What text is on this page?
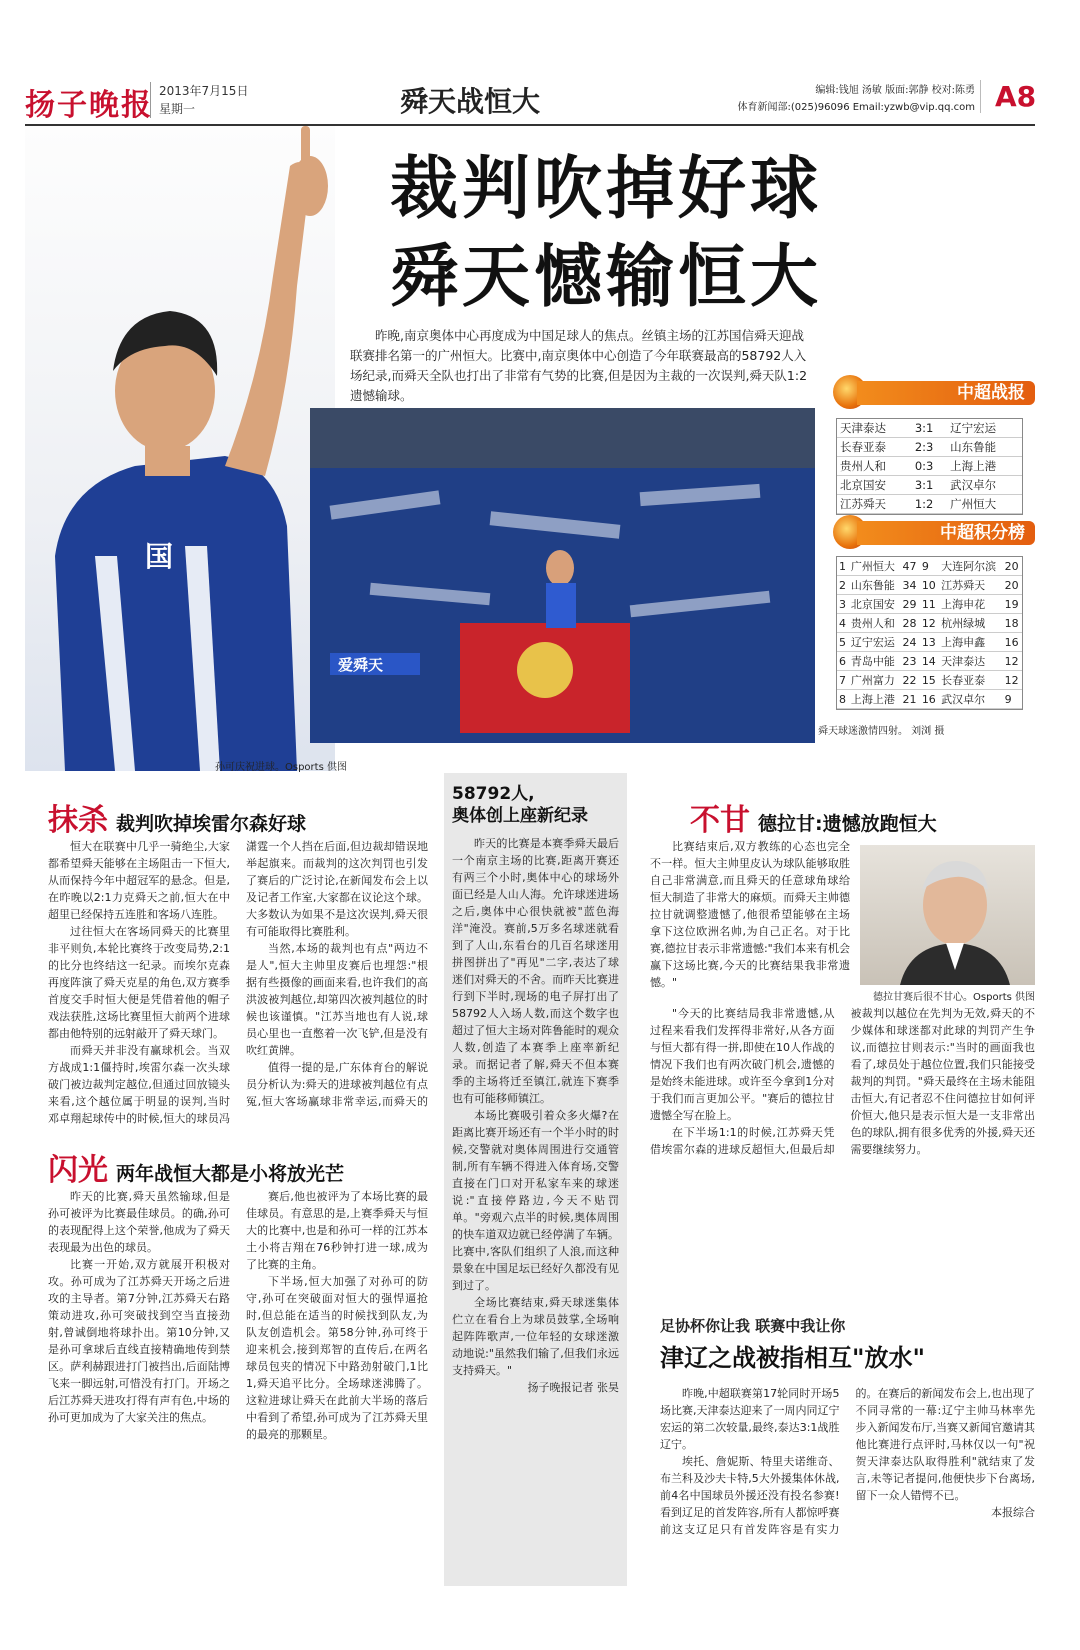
扬子晚报 2013年7月15日
星期一	舜天战恒大	编辑:钱旭 汤敏 版面:郭静 校对:陈勇
体育新闻部:(025)96096 Email:yzwb@vip.qq.com A8
国
孙可庆祝进球。Osports 供图
裁判吹掉好球
舜天憾输恒大
昨晚,南京奥体中心再度成为中国足球人的焦点。丝镇主场的江苏国信舜天迎战联赛排名第一的广州恒大。比赛中,南京奥体中心创造了今年联赛最高的58792人入场纪录,而舜天全队也打出了非常有气势的比赛,但是因为主裁的一次误判,舜天队1:2遗憾输球。
爱舜天
舜天球迷激情四射。 刘浏 摄
中超战报
天津泰达	3:1	辽宁宏运
长春亚泰	2:3	山东鲁能
贵州人和	0:3	上海上港
北京国安	3:1	武汉卓尔
江苏舜天	1:2	广州恒大
中超积分榜
1	广州恒大	47	9	大连阿尔滨	20
2	山东鲁能	34	10	江苏舜天	20
3	北京国安	29	11	上海申花	19
4	贵州人和	28	12	杭州绿城	18
5	辽宁宏运	24	13	上海申鑫	16
6	青岛中能	23	14	天津泰达	12
7	广州富力	22	15	长春亚泰	12
8	上海上港	21	16	武汉卓尔	9
抹杀 裁判吹掉埃雷尔森好球

恒大在联赛中几乎一骑绝尘,大家都希望舜天能够在主场阻击一下恒大,从而保持今年中超冠军的悬念。但是,在昨晚以2:1力克舜天之前,恒大在中超里已经保持五连胜和客场八连胜。

过往恒大在客场同舜天的比赛里非平则负,本轮比赛终于改变局势,2:1的比分也终结这一纪录。而埃尔克森再度阵演了舜天克星的角色,双方赛季首度交手时恒大便是凭借着他的帽子戏法获胜,这场比赛里恒大前两个进球都由他特别的远射敲开了舜天球门。

而舜天并非没有赢球机会。当双方战成1:1僵持时,埃雷尔森一次头球破门被边裁判定越位,但通过回放镜头来看,这个越位属于明显的误判,当时邓卓翔起球传中的时候,恒大的球员冯潇霆一个人挡在后面,但边裁却错误地举起旗来。而裁判的这次判罚也引发了赛后的广泛讨论,在新闻发布会上以及记者工作室,大家都在议论这个球。大多数认为如果不是这次误判,舜天很有可能取得比赛胜利。

当然,本场的裁判也有点"两边不是人",恒大主帅里皮赛后也埋怨:"根据有些摄像的画面来看,也许我们的高洪波被判越位,却第四次被判越位的时候也该谨慎。"江苏当地也有人说,球员心里也一直憋着一次飞铲,但是没有吹红黄牌。

值得一提的是,广东体育台的解说员分析认为:舜天的进球被判越位有点冤,恒大客场赢球非常幸运,而舜天的

闪光 两年战恒大都是小将放光芒

昨天的比赛,舜天虽然输球,但是孙可被评为比赛最佳球员。的确,孙可的表现配得上这个荣誉,他成为了舜天表现最为出色的球员。

比赛一开始,双方就展开积极对攻。孙可成为了江苏舜天开场之后进攻的主导者。第7分钟,江苏舜天右路策动进攻,孙可突破找到空当直接劲射,曾诚倒地将球扑出。第10分钟,又是孙可拿球后直线直接精确地传到禁区。萨利赫跟进打门被挡出,后面陆博飞来一脚远射,可惜没有打门。开场之后江苏舜天进攻打得有声有色,中场的孙可更加成为了大家关注的焦点。

赛后,他也被评为了本场比赛的最佳球员。有意思的是,上赛季舜天与恒大的比赛中,也是和孙可一样的江苏本土小将吉翔在76秒钟打进一球,成为了比赛的主角。

下半场,恒大加强了对孙可的防守,孙可在突破面对恒大的强悍逼抢时,但总能在适当的时候找到队友,为队友创造机会。第58分钟,孙可终于迎来机会,接到郑智的直传后,在两名球员包夹的情况下中路劲射破门,1比1,舜天追平比分。全场球迷沸腾了。这粒进球让舜天在此前大半场的落后中看到了希望,孙可成为了江苏舜天里的最亮的那颗星。

58792人,
奥体创上座新纪录

昨天的比赛是本赛季舜天最后一个南京主场的比赛,距离开赛还有两三个小时,奥体中心的球场外面已经是人山人海。允许球迷进场之后,奥体中心很快就被"蓝色海洋"淹没。赛前,5万多名球迷就看到了人山,东看台的几百名球迷用拼图拼出了"再见"二字,表达了球迷们对舜天的不舍。而昨天比赛进行到下半时,现场的电子屏打出了58792人入场人数,而这个数字也超过了恒大主场对阵鲁能时的观众人数,创造了本赛季上座率新纪录。而据记者了解,舜天不但本赛季的主场将迁至镇江,就连下赛季也有可能移师镇江。

本场比赛吸引着众多火爆?在距离比赛开场还有一个半小时的时候,交警就对奥体周围进行交通管制,所有车辆不得进入体育场,交警直接在门口对开私家车来的球迷说:"直接停路边,今天不贴罚单。"旁观六点半的时候,奥体周围的快车道双边就已经停满了车辆。比赛中,客队们组织了人浪,而这种景象在中国足坛已经好久都没有见到过了。

全场比赛结束,舜天球迷集体伫立在看台上为球员鼓掌,全场响起阵阵歌声,一位年轻的女球迷激动地说:"虽然我们输了,但我们永远支持舜天。"

扬子晚报记者 张昊

不甘 德拉甘:遗憾放跑恒大
德拉甘赛后很不甘心。Osports 供图

比赛结束后,双方教练的心态也完全不一样。恒大主帅里皮认为球队能够取胜自己非常满意,而且舜天的任意球角球给恒大制造了非常大的麻烦。而舜天主帅德拉甘就调整遗憾了,他很希望能够在主场拿下这位欧洲名帅,为自己正名。对于比赛,德拉甘表示非常遗憾:"我们本来有机会赢下这场比赛,今天的比赛结果我非常遗憾。"

"今天的比赛结局我非常遗憾,从过程来看我们发挥得非常好,从各方面与恒大都有得一拼,即使在10人作战的情况下我们也有两次破门机会,遗憾的是始终未能进球。或许至今拿到1分对于我们而言更加公平。"赛后的德拉甘遗憾全写在脸上。

在下半场1:1的时候,江苏舜天凭借埃雷尔森的进球反超恒大,但最后却被裁判以越位在先判为无效,舜天的不少媒体和球迷都对此球的判罚产生争议,而德拉甘则表示:"当时的画面我也看了,球员处于越位位置,我们只能接受裁判的判罚。"舜天最终在主场未能阻击恒大,有记者忍不住问德拉甘如何评价恒大,他只是表示恒大是一支非常出色的球队,拥有很多优秀的外援,舜天还需要继续努力。

足协杯你让我 联赛中我让你
津辽之战被指相互"放水"

昨晚,中超联赛第17轮同时开场5场比赛,天津泰达迎来了一周内同辽宁宏运的第二次较量,最终,泰达3:1战胜辽宁。

埃托、詹妮斯、特里夫诺维奇、布兰科及沙夫卡特,5大外援集体休战,前4名中国球员外援还没有投名参赛!看到辽足的首发阵容,所有人都惊呼赛前这支辽足只有首发阵容是有实力的。在赛后的新闻发布会上,也出现了不同寻常的一幕:辽宁主帅马林率先步入新闻发布厅,当赛又新闻官邀请其他比赛进行点评时,马林仅以一句"祝贺天津泰达队取得胜利"就结束了发言,未等记者提问,他便快步下台离场,留下一众人错愕不已。

本报综合
